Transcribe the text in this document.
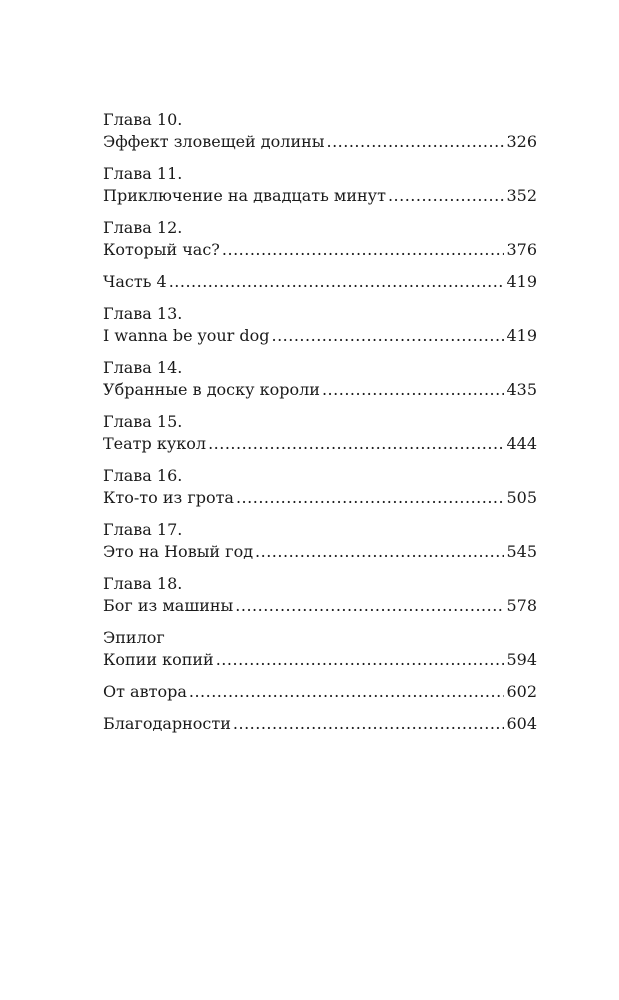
Глава 10.
Эффект зловещей долины .....	326
Глава 11.
Приключение на двадцать минут .....	352
Глава 12.
Который час? .....	376
Часть 4 .....	419
Глава 13.
I wanna be your dog .....	419
Глава 14.
Убранные в доску короли .....	435
Глава 15.
Театр кукол .....	444
Глава 16.
Кто-то из грота .....	505
Глава 17.
Это на Новый год .....	545
Глава 18.
Бог из машины .....	578
Эпилог
Копии копий .....	594
От автора .....	602
Благодарности .....	604
